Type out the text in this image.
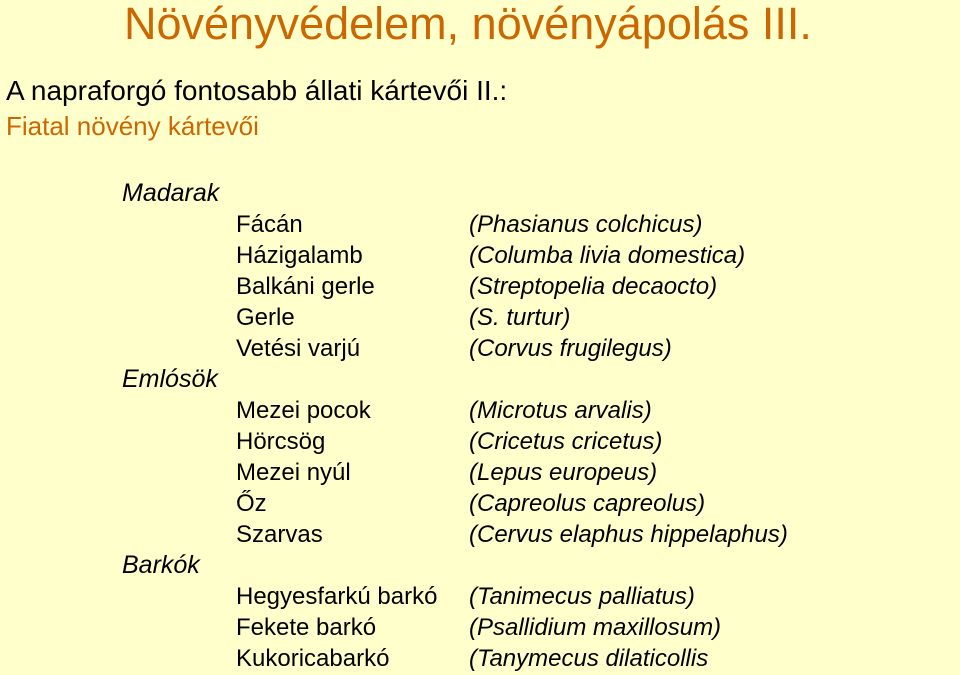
Növényvédelem, növényápolás III.
A napraforgó fontosabb állati kártevői II.:
Fiatal növény kártevői
Madarak
Fácán	(Phasianus colchicus)
Házigalamb	(Columba livia domestica)
Balkáni gerle	(Streptopelia decaocto)
Gerle	(S. turtur)
Vetési varjú	(Corvus frugilegus)
Emlósök
Mezei pocok	(Microtus arvalis)
Hörcsög	(Cricetus cricetus)
Mezei nyúl	(Lepus europeus)
Őz	(Capreolus capreolus)
Szarvas	(Cervus elaphus hippelaphus)
Barkók
Hegyesfarkú barkó (Tanimecus palliatus)
Fekete barkó	(Psallidium maxillosum)
Kukoricabarkó	(Tanymecus dilaticollis
